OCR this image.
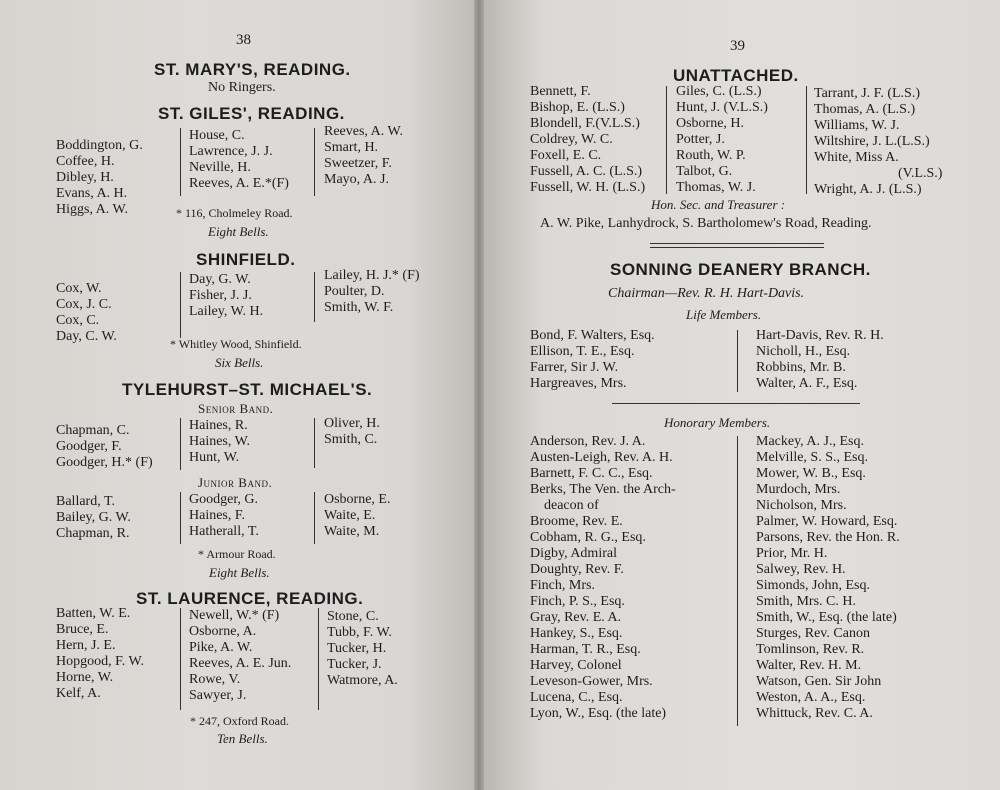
38
ST. MARY'S, READING.
No Ringers.
ST. GILES', READING.
Boddington, G.
Coffee, H.
Dibley, H.
Evans, A. H.
Higgs, A. W.
House, C.
Lawrence, J. J.
Neville, H.
Reeves, A. E.*(F)
Reeves, A. W.
Smart, H.
Sweetzer, F.
Mayo, A. J.
* 116, Cholmeley Road.
Eight Bells.
SHINFIELD.
Cox, W.
Cox, J. C.
Cox, C.
Day, C. W.
Day, G. W.
Fisher, J. J.
Lailey, W. H.
Lailey, H. J.* (F)
Poulter, D.
Smith, W. F.
* Whitley Wood, Shinfield.
Six Bells.
TYLEHURST–ST. MICHAEL'S.
Senior Band.
Chapman, C.
Goodger, F.
Goodger, H.* (F)
Haines, R.
Haines, W.
Hunt, W.
Oliver, H.
Smith, C.
Junior Band.
Ballard, T.
Bailey, G. W.
Chapman, R.
Goodger, G.
Haines, F.
Hatherall, T.
Osborne, E.
Waite, E.
Waite, M.
* Armour Road.
Eight Bells.
ST. LAURENCE, READING.
Batten, W. E.
Bruce, E.
Hern, J. E.
Hopgood, F. W.
Horne, W.
Kelf, A.
Newell, W.* (F)
Osborne, A.
Pike, A. W.
Reeves, A. E. Jun.
Rowe, V.
Sawyer, J.
Stone, C.
Tubb, F. W.
Tucker, H.
Tucker, J.
Watmore, A.
* 247, Oxford Road.
Ten Bells.
39
UNATTACHED.
Bennett, F.
Bishop, E. (L.S.)
Blondell, F.(V.L.S.)
Coldrey, W. C.
Foxell, E. C.
Fussell, A. C. (L.S.)
Fussell, W. H. (L.S.)
Giles, C. (L.S.)
Hunt, J. (V.L.S.)
Osborne, H.
Potter, J.
Routh, W. P.
Talbot, G.
Thomas, W. J.
Tarrant, J. F. (L.S.)
Thomas, A. (L.S.)
Williams, W. J.
Wiltshire, J. L.(L.S.)
White, Miss A.
(V.L.S.)
Wright, A. J. (L.S.)
Hon. Sec. and Treasurer :
A. W. Pike, Lanhydrock, S. Bartholomew's Road, Reading.
SONNING DEANERY BRANCH.
Chairman—Rev. R. H. Hart-Davis.
Life Members.
Bond, F. Walters, Esq.
Ellison, T. E., Esq.
Farrer, Sir J. W.
Hargreaves, Mrs.
Hart-Davis, Rev. R. H.
Nicholl, H., Esq.
Robbins, Mr. B.
Walter, A. F., Esq.
Honorary Members.
Anderson, Rev. J. A.
Austen-Leigh, Rev. A. H.
Barnett, F. C. C., Esq.
Berks, The Ven. the Arch-
deacon of
Broome, Rev. E.
Cobham, R. G., Esq.
Digby, Admiral
Doughty, Rev. F.
Finch, Mrs.
Finch, P. S., Esq.
Gray, Rev. E. A.
Hankey, S., Esq.
Harman, T. R., Esq.
Harvey, Colonel
Leveson-Gower, Mrs.
Lucena, C., Esq.
Lyon, W., Esq. (the late)
Mackey, A. J., Esq.
Melville, S. S., Esq.
Mower, W. B., Esq.
Murdoch, Mrs.
Nicholson, Mrs.
Palmer, W. Howard, Esq.
Parsons, Rev. the Hon. R.
Prior, Mr. H.
Salwey, Rev. H.
Simonds, John, Esq.
Smith, Mrs. C. H.
Smith, W., Esq. (the late)
Sturges, Rev. Canon
Tomlinson, Rev. R.
Walter, Rev. H. M.
Watson, Gen. Sir John
Weston, A. A., Esq.
Whittuck, Rev. C. A.
